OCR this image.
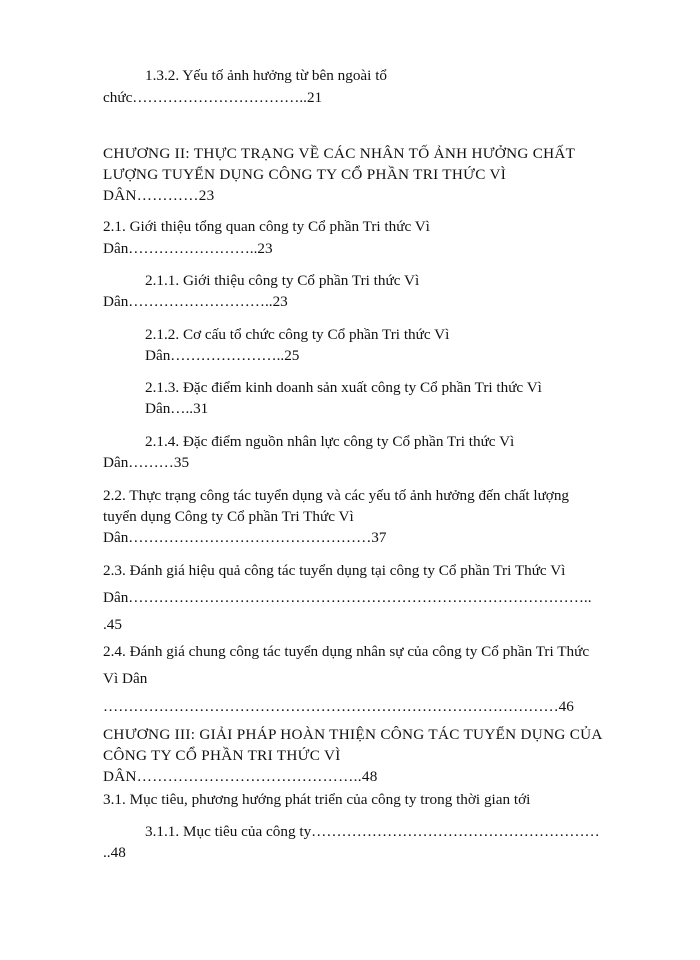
1.3.2. Yếu tố ảnh hưởng từ bên ngoài tổ
chức……………………………..21
CHƯƠNG II: THỰC TRẠNG VỀ CÁC NHÂN TỐ ẢNH HƯỞNG CHẤT
LƯỢNG TUYỂN DỤNG CÔNG TY CỔ PHẦN TRI THỨC VÌ
DÂN…………23
2.1. Giới thiệu tổng quan công ty Cổ phần Tri thức Vì
Dân……………………..23
2.1.1. Giới thiệu công ty Cổ phần Tri thức Vì
Dân………………………..23
2.1.2. Cơ cấu tổ chức công ty Cổ phần Tri thức Vì
Dân…………………..25
2.1.3. Đặc điểm kinh doanh sản xuất công ty Cổ phần Tri thức Vì
Dân…..31
2.1.4. Đặc điểm nguồn nhân lực công ty Cổ phần Tri thức Vì
Dân………35
2.2. Thực trạng công tác tuyển dụng và các yếu tố ảnh hưởng đến chất lượng
tuyển dụng Công ty Cổ phần Tri Thức Vì
Dân…………………………………………37
2.3. Đánh giá hiệu quả công tác tuyển dụng tại công ty Cổ phần Tri Thức Vì
Dân………………………………………………………………………………..
.45
2.4. Đánh giá chung công tác tuyển dụng nhân sự của công ty Cổ phần Tri Thức
Vì Dân
………………………………………………………………………………46
CHƯƠNG III: GIẢI PHÁP HOÀN THIỆN CÔNG TÁC TUYỂN DỤNG CỦA
CÔNG TY CỔ PHẦN TRI THỨC VÌ
DÂN……………………………………..48
3.1. Mục tiêu, phương hướng phát triển của công ty trong thời gian tới
3.1.1. Mục tiêu của công ty…………………………………………………
..48
